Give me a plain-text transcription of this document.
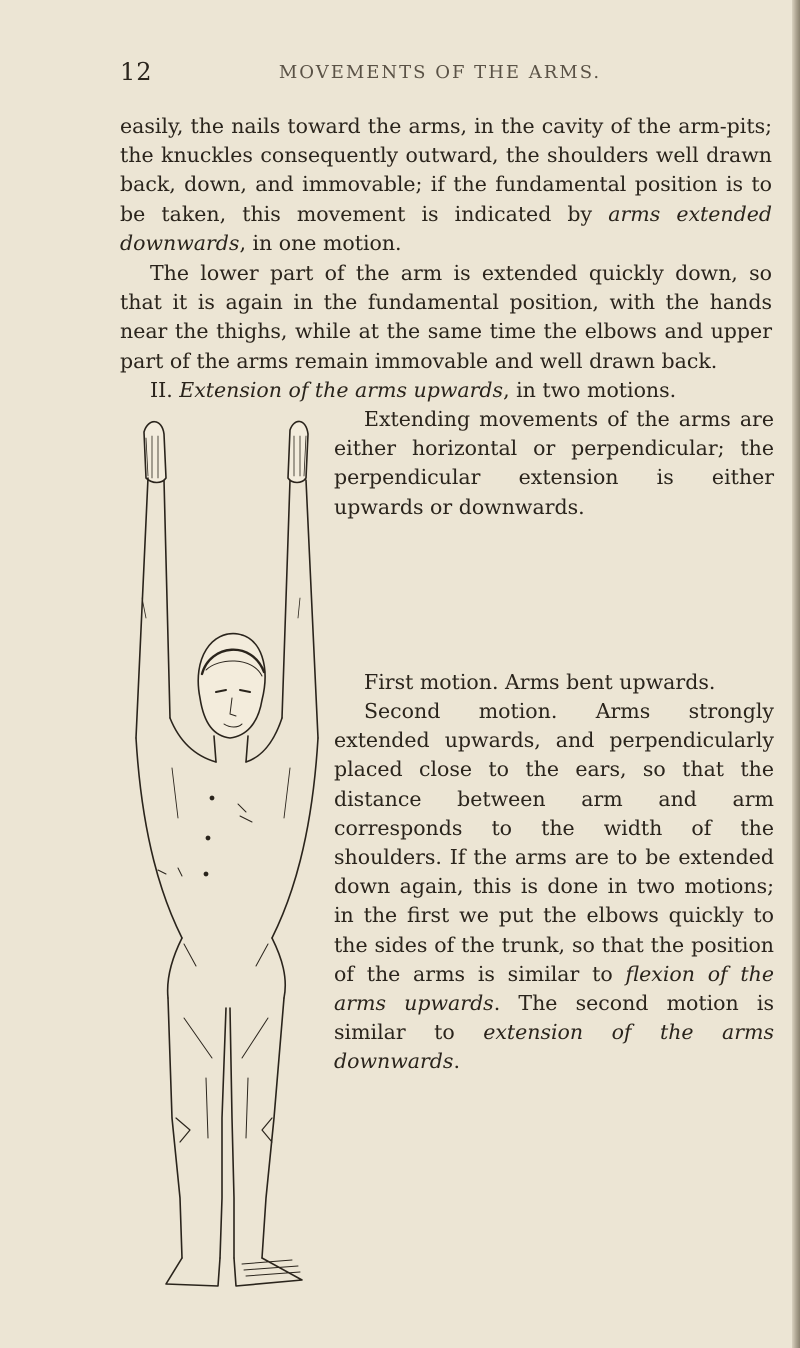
12	MOVEMENTS OF THE ARMS.

easily, the nails toward the arms, in the cavity of the arm-pits; the knuckles consequently outward, the shoulders well drawn back, down, and immovable; if the fundamental position is to be taken, this movement is indicated by arms extended downwards, in one motion.

The lower part of the arm is extended quickly down, so that it is again in the fundamental position, with the hands near the thighs, while at the same time the elbows and upper part of the arms remain immovable and well drawn back.

II. Extension of the arms upwards, in two motions.

Extending movements of the arms are either horizontal or perpendicular; the perpendicular extension is either upwards or downwards.

First motion. Arms bent upwards.

Second motion. Arms strongly extended upwards, and perpendicularly placed close to the ears, so that the distance between arm and arm corresponds to the width of the shoulders. If the arms are to be extended down again, this is done in two motions; in the first we put the elbows quickly to the sides of the trunk, so that the position of the arms is similar to flexion of the arms upwards. The second motion is similar to extension of the arms downwards.
